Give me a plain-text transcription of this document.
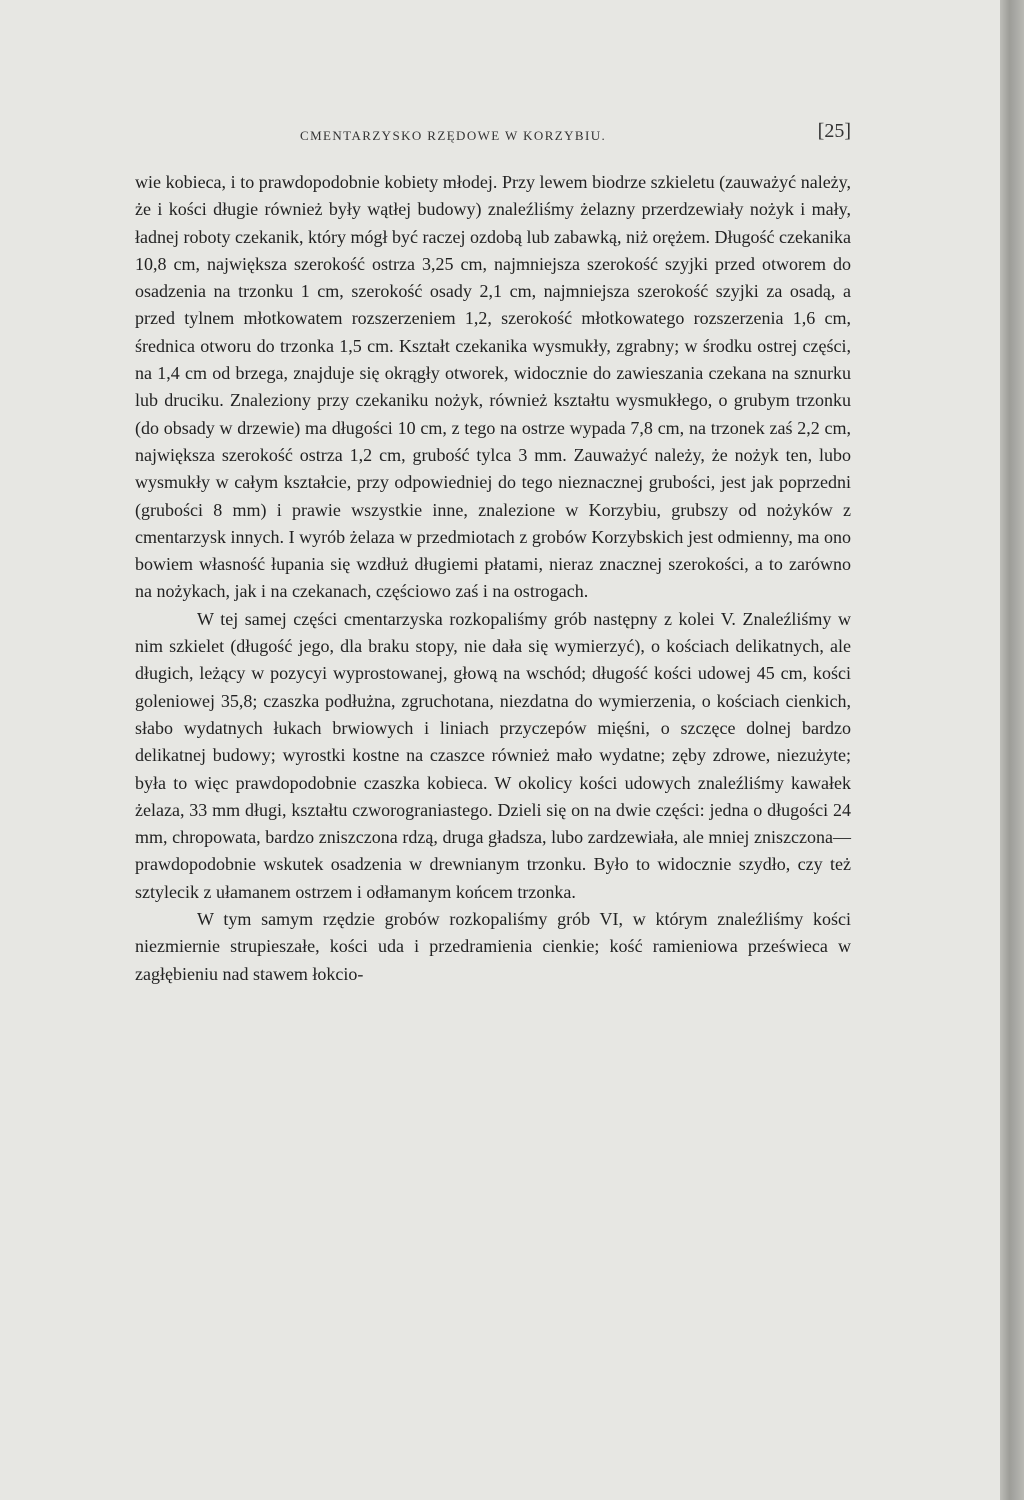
CMENTARZYSKO RZĘDOWE W KORZYBIU.	[25]

wie kobieca, i to prawdopodobnie kobiety młodej. Przy lewem biodrze szkieletu (zauważyć należy, że i kości długie również były wątłej budowy) znaleźliśmy żelazny przerdzewiały nożyk i mały, ładnej roboty czekanik, który mógł być raczej ozdobą lub zabawką, niż orężem. Długość czekanika 10,8 cm, największa szerokość ostrza 3,25 cm, najmniejsza szerokość szyjki przed otworem do osadzenia na trzonku 1 cm, szerokość osady 2,1 cm, najmniejsza szerokość szyjki za osadą, a przed tylnem młotkowatem rozszerzeniem 1,2, szerokość młotkowatego rozszerzenia 1,6 cm, średnica otworu do trzonka 1,5 cm. Kształt czekanika wysmukły, zgrabny; w środku ostrej części, na 1,4 cm od brzega, znajduje się okrągły otworek, widocznie do zawieszania czekana na sznurku lub druciku. Znaleziony przy czekaniku nożyk, również kształtu wysmukłego, o grubym trzonku (do obsady w drzewie) ma długości 10 cm, z tego na ostrze wypada 7,8 cm, na trzonek zaś 2,2 cm, największa szerokość ostrza 1,2 cm, grubość tylca 3 mm. Zauważyć należy, że nożyk ten, lubo wysmukły w całym kształcie, przy odpowiedniej do tego nieznacznej grubości, jest jak poprzedni (grubości 8 mm) i prawie wszystkie inne, znalezione w Korzybiu, grubszy od nożyków z cmentarzysk innych. I wyrób żelaza w przedmiotach z grobów Korzybskich jest odmienny, ma ono bowiem własność łupania się wzdłuż długiemi płatami, nieraz znacznej szerokości, a to zarówno na nożykach, jak i na czekanach, częściowo zaś i na ostrogach.

W tej samej części cmentarzyska rozkopaliśmy grób następny z kolei V. Znaleźliśmy w nim szkielet (długość jego, dla braku stopy, nie dała się wymierzyć), o kościach delikatnych, ale długich, leżący w pozycyi wyprostowanej, głową na wschód; długość kości udowej 45 cm, kości goleniowej 35,8; czaszka podłużna, zgruchotana, niezdatna do wymierzenia, o kościach cienkich, słabo wydatnych łukach brwiowych i liniach przyczepów mięśni, o szczęce dolnej bardzo delikatnej budowy; wyrostki kostne na czaszce również mało wydatne; zęby zdrowe, niezużyte; była to więc prawdopodobnie czaszka kobieca. W okolicy kości udowych znaleźliśmy kawałek żelaza, 33 mm długi, kształtu czworograniastego. Dzieli się on na dwie części: jedna o długości 24 mm, chropowata, bardzo zniszczona rdzą, druga gładsza, lubo zardzewiała, ale mniej zniszczona—prawdopodobnie wskutek osadzenia w drewnianym trzonku. Było to widocznie szydło, czy też sztylecik z ułamanem ostrzem i odłamanym końcem trzonka.

W tym samym rzędzie grobów rozkopaliśmy grób VI, w którym znaleźliśmy kości niezmiernie strupieszałe, kości uda i przedramienia cienkie; kość ramieniowa prześwieca w zagłębieniu nad stawem łokcio-
